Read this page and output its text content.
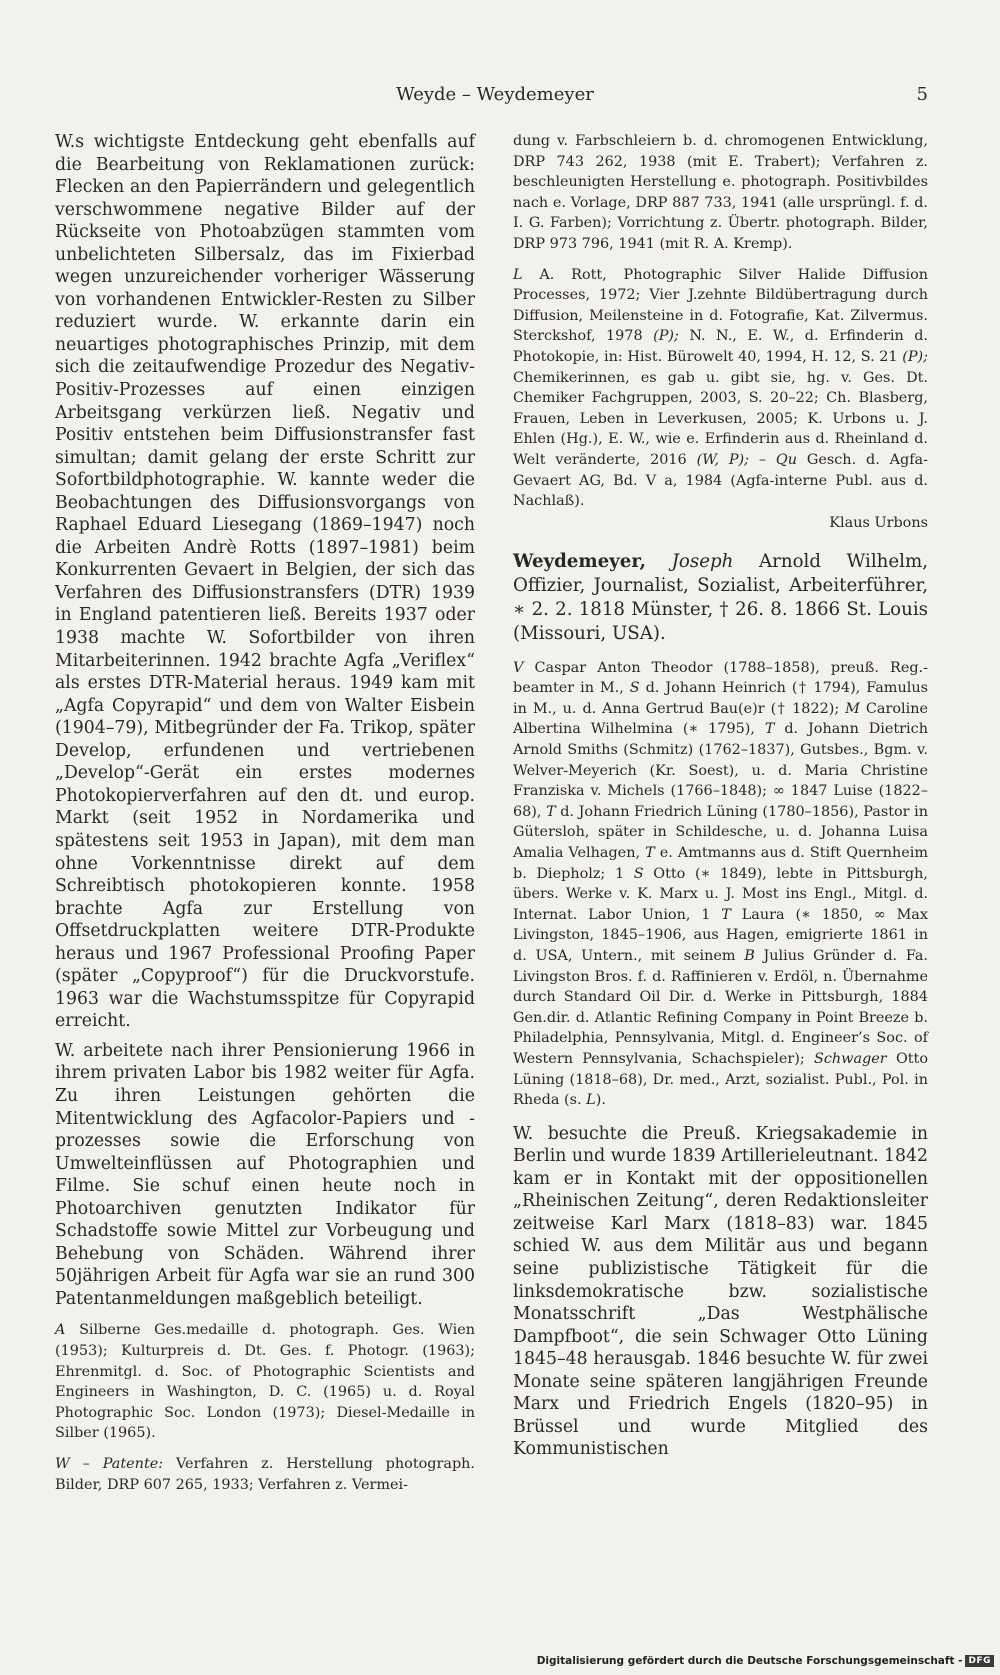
Weyde – Weydemeyer	5

W.s wichtigste Entdeckung geht ebenfalls auf die Bearbeitung von Reklamationen zurück: Flecken an den Papierrändern und gelegentlich verschwommene negative Bilder auf der Rückseite von Photoabzügen stammten vom unbelichteten Silbersalz, das im Fixierbad wegen unzureichender vorheriger Wässerung von vorhandenen Entwickler-Resten zu Silber reduziert wurde. W. erkannte darin ein neuartiges photographisches Prinzip, mit dem sich die zeitaufwendige Prozedur des Negativ-Positiv-Prozesses auf einen einzigen Arbeitsgang verkürzen ließ. Negativ und Positiv entstehen beim Diffusionstransfer fast simultan; damit gelang der erste Schritt zur Sofortbildphotographie. W. kannte weder die Beobachtungen des Diffusionsvorgangs von Raphael Eduard Liesegang (1869–1947) noch die Arbeiten Andrè Rotts (1897–1981) beim Konkurrenten Gevaert in Belgien, der sich das Verfahren des Diffusionstransfers (DTR) 1939 in England patentieren ließ. Bereits 1937 oder 1938 machte W. Sofortbilder von ihren Mitarbeiterinnen. 1942 brachte Agfa „Veriflex“ als erstes DTR-Material heraus. 1949 kam mit „Agfa Copyrapid“ und dem von Walter Eisbein (1904–79), Mitbegründer der Fa. Trikop, später Develop, erfundenen und vertriebenen „Develop“-Gerät ein erstes modernes Photokopierverfahren auf den dt. und europ. Markt (seit 1952 in Nordamerika und spätestens seit 1953 in Japan), mit dem man ohne Vorkenntnisse direkt auf dem Schreibtisch photokopieren konnte. 1958 brachte Agfa zur Erstellung von Offsetdruckplatten weitere DTR-Produkte heraus und 1967 Professional Proofing Paper (später „Copyproof“) für die Druckvorstufe. 1963 war die Wachstumsspitze für Copyrapid erreicht.

W. arbeitete nach ihrer Pensionierung 1966 in ihrem privaten Labor bis 1982 weiter für Agfa. Zu ihren Leistungen gehörten die Mitentwicklung des Agfacolor-Papiers und -prozesses sowie die Erforschung von Umwelteinflüssen auf Photographien und Filme. Sie schuf einen heute noch in Photoarchiven genutzten Indikator für Schadstoffe sowie Mittel zur Vorbeugung und Behebung von Schäden. Während ihrer 50jährigen Arbeit für Agfa war sie an rund 300 Patentanmeldungen maßgeblich beteiligt.

A Silberne Ges.medaille d. photograph. Ges. Wien (1953); Kulturpreis d. Dt. Ges. f. Photogr. (1963); Ehrenmitgl. d. Soc. of Photographic Scientists and Engineers in Washington, D. C. (1965) u. d. Royal Photographic Soc. London (1973); Diesel-Medaille in Silber (1965).

W – Patente: Verfahren z. Herstellung photograph. Bilder, DRP 607 265, 1933; Verfahren z. Vermei-

dung v. Farbschleiern b. d. chromogenen Entwicklung, DRP 743 262, 1938 (mit E. Trabert); Verfahren z. beschleunigten Herstellung e. photograph. Positivbildes nach e. Vorlage, DRP 887 733, 1941 (alle ursprüngl. f. d. I. G. Farben); Vorrichtung z. Übertr. photograph. Bilder, DRP 973 796, 1941 (mit R. A. Kremp).

L A. Rott, Photographic Silver Halide Diffusion Processes, 1972; Vier J.zehnte Bildübertragung durch Diffusion, Meilensteine in d. Fotografie, Kat. Zilvermus. Sterckshof, 1978 (P); N. N., E. W., d. Erfinderin d. Photokopie, in: Hist. Bürowelt 40, 1994, H. 12, S. 21 (P); Chemikerinnen, es gab u. gibt sie, hg. v. Ges. Dt. Chemiker Fachgruppen, 2003, S. 20–22; Ch. Blasberg, Frauen, Leben in Leverkusen, 2005; K. Urbons u. J. Ehlen (Hg.), E. W., wie e. Erfinderin aus d. Rheinland d. Welt veränderte, 2016 (W, P); – Qu Gesch. d. Agfa-Gevaert AG, Bd. V a, 1984 (Agfa-interne Publ. aus d. Nachlaß).

Klaus Urbons

Weydemeyer, Joseph Arnold Wilhelm, Offizier, Journalist, Sozialist, Arbeiterführer, ∗ 2. 2. 1818 Münster, † 26. 8. 1866 St. Louis (Missouri, USA).

V Caspar Anton Theodor (1788–1858), preuß. Reg.-beamter in M., S d. Johann Heinrich († 1794), Famulus in M., u. d. Anna Gertrud Bau(e)r († 1822); M Caroline Albertina Wilhelmina (∗ 1795), T d. Johann Dietrich Arnold Smiths (Schmitz) (1762–1837), Gutsbes., Bgm. v. Welver-Meyerich (Kr. Soest), u. d. Maria Christine Franziska v. Michels (1766–1848); ∞ 1847 Luise (1822–68), T d. Johann Friedrich Lüning (1780–1856), Pastor in Gütersloh, später in Schildesche, u. d. Johanna Luisa Amalia Velhagen, T e. Amtmanns aus d. Stift Quernheim b. Diepholz; 1 S Otto (∗ 1849), lebte in Pittsburgh, übers. Werke v. K. Marx u. J. Most ins Engl., Mitgl. d. Internat. Labor Union, 1 T Laura (∗ 1850, ∞ Max Livingston, 1845–1906, aus Hagen, emigrierte 1861 in d. USA, Untern., mit seinem B Julius Gründer d. Fa. Livingston Bros. f. d. Raffinieren v. Erdöl, n. Übernahme durch Standard Oil Dir. d. Werke in Pittsburgh, 1884 Gen.dir. d. Atlantic Refining Company in Point Breeze b. Philadelphia, Pennsylvania, Mitgl. d. Engineer’s Soc. of Western Pennsylvania, Schachspieler); Schwager Otto Lüning (1818–68), Dr. med., Arzt, sozialist. Publ., Pol. in Rheda (s. L).

W. besuchte die Preuß. Kriegsakademie in Berlin und wurde 1839 Artillerieleutnant. 1842 kam er in Kontakt mit der oppositionellen „Rheinischen Zeitung“, deren Redaktionsleiter zeitweise Karl Marx (1818–83) war. 1845 schied W. aus dem Militär aus und begann seine publizistische Tätigkeit für die linksdemokratische bzw. sozialistische Monatsschrift „Das Westphälische Dampfboot“, die sein Schwager Otto Lüning 1845–48 herausgab. 1846 besuchte W. für zwei Monate seine späteren langjährigen Freunde Marx und Friedrich Engels (1820–95) in Brüssel und wurde Mitglied des Kommunistischen

Digitalisierung gefördert durch die Deutsche Forschungsgemeinschaft - DFG
